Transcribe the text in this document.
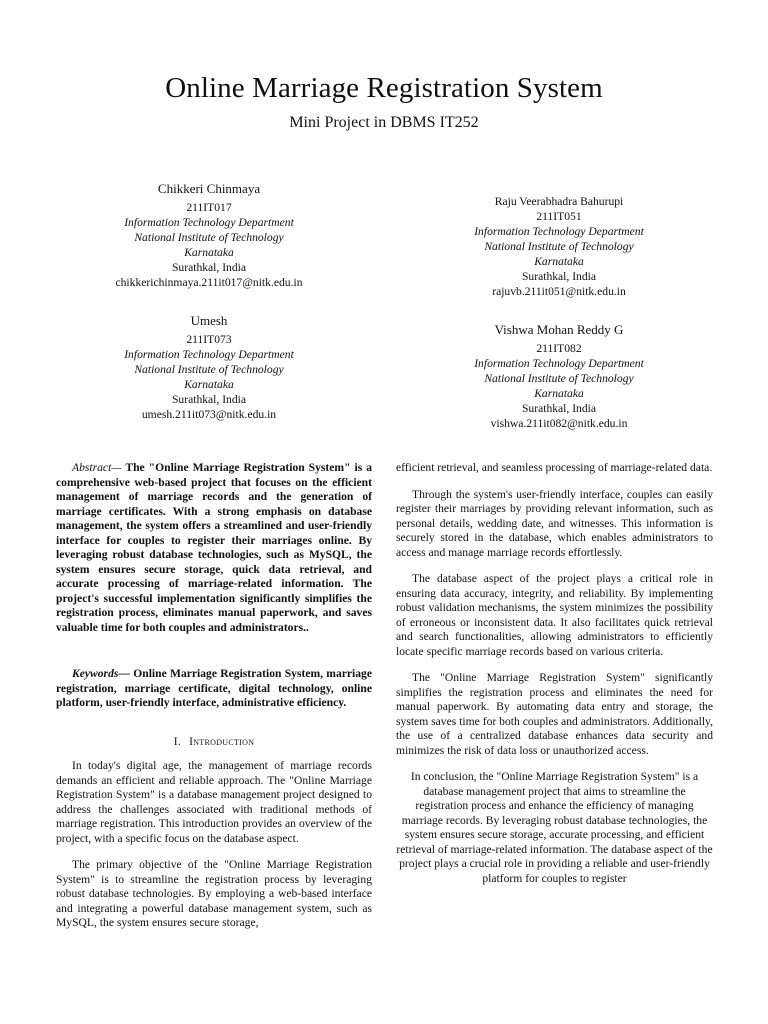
Online Marriage Registration System
Mini Project in DBMS IT252
Chikkeri Chinmaya
211IT017
Information Technology Department
National Institute of Technology
Karnataka
Surathkal, India
chikkerichinmaya.211it017@nitk.edu.in
Raju Veerabhadra Bahurupi
211IT051
Information Technology Department
National Institute of Technology
Karnataka
Surathkal, India
rajuvb.211it051@nitk.edu.in
Umesh
211IT073
Information Technology Department
National Institute of Technology
Karnataka
Surathkal, India
umesh.211it073@nitk.edu.in
Vishwa Mohan Reddy G
211IT082
Information Technology Department
National Institute of Technology
Karnataka
Surathkal, India
vishwa.211it082@nitk.edu.in

Abstract— The "Online Marriage Registration System" is a comprehensive web-based project that focuses on the efficient management of marriage records and the generation of marriage certificates. With a strong emphasis on database management, the system offers a streamlined and user-friendly interface for couples to register their marriages online. By leveraging robust database technologies, such as MySQL, the system ensures secure storage, quick data retrieval, and accurate processing of marriage-related information. The project's successful implementation significantly simplifies the registration process, eliminates manual paperwork, and saves valuable time for both couples and administrators..

Keywords— Online Marriage Registration System, marriage registration, marriage certificate, digital technology, online platform, user-friendly interface, administrative efficiency.

I. Introduction

In today's digital age, the management of marriage records demands an efficient and reliable approach. The "Online Marriage Registration System" is a database management project designed to address the challenges associated with traditional methods of marriage registration. This introduction provides an overview of the project, with a specific focus on the database aspect.

The primary objective of the "Online Marriage Registration System" is to streamline the registration process by leveraging robust database technologies. By employing a web-based interface and integrating a powerful database management system, such as MySQL, the system ensures secure storage,

efficient retrieval, and seamless processing of marriage-related data.

Through the system's user-friendly interface, couples can easily register their marriages by providing relevant information, such as personal details, wedding date, and witnesses. This information is securely stored in the database, which enables administrators to access and manage marriage records effortlessly.

The database aspect of the project plays a critical role in ensuring data accuracy, integrity, and reliability. By implementing robust validation mechanisms, the system minimizes the possibility of erroneous or inconsistent data. It also facilitates quick retrieval and search functionalities, allowing administrators to efficiently locate specific marriage records based on various criteria.

The "Online Marriage Registration System" significantly simplifies the registration process and eliminates the need for manual paperwork. By automating data entry and storage, the system saves time for both couples and administrators. Additionally, the use of a centralized database enhances data security and minimizes the risk of data loss or unauthorized access.

In conclusion, the "Online Marriage Registration System" is a database management project that aims to streamline the registration process and enhance the efficiency of managing marriage records. By leveraging robust database technologies, the system ensures secure storage, accurate processing, and efficient retrieval of marriage-related information. The database aspect of the project plays a crucial role in providing a reliable and user-friendly platform for couples to register
